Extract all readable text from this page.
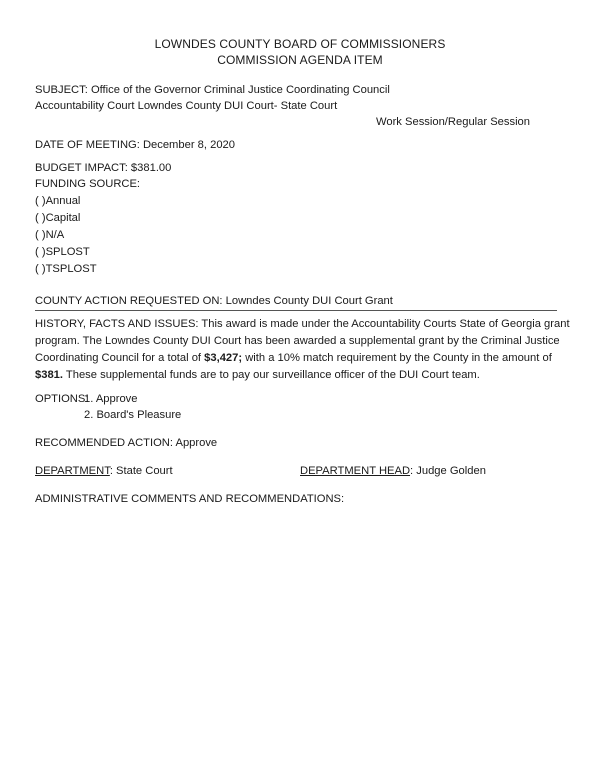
LOWNDES COUNTY BOARD OF COMMISSIONERS
COMMISSION AGENDA ITEM
SUBJECT: Office of the Governor Criminal Justice Coordinating Council
Accountability Court Lowndes County DUI Court- State Court
Work Session/Regular Session
DATE OF MEETING: December 8, 2020
BUDGET IMPACT: $381.00
FUNDING SOURCE:
( )Annual
( )Capital
( )N/A
( )SPLOST
( )TSPLOST
COUNTY ACTION REQUESTED ON: Lowndes County DUI Court Grant
HISTORY, FACTS AND ISSUES: This award is made under the Accountability Courts State of Georgia grant
program. The Lowndes County DUI Court has been awarded a supplemental grant by the Criminal Justice
Coordinating Council for a total of $3,427; with a 10% match requirement by the County in the amount of
$381. These supplemental funds are to pay our surveillance officer of the DUI Court team.
OPTIONS:
1. Approve
2. Board's Pleasure
RECOMMENDED ACTION: Approve
DEPARTMENT: State Court	DEPARTMENT HEAD: Judge Golden
ADMINISTRATIVE COMMENTS AND RECOMMENDATIONS:
